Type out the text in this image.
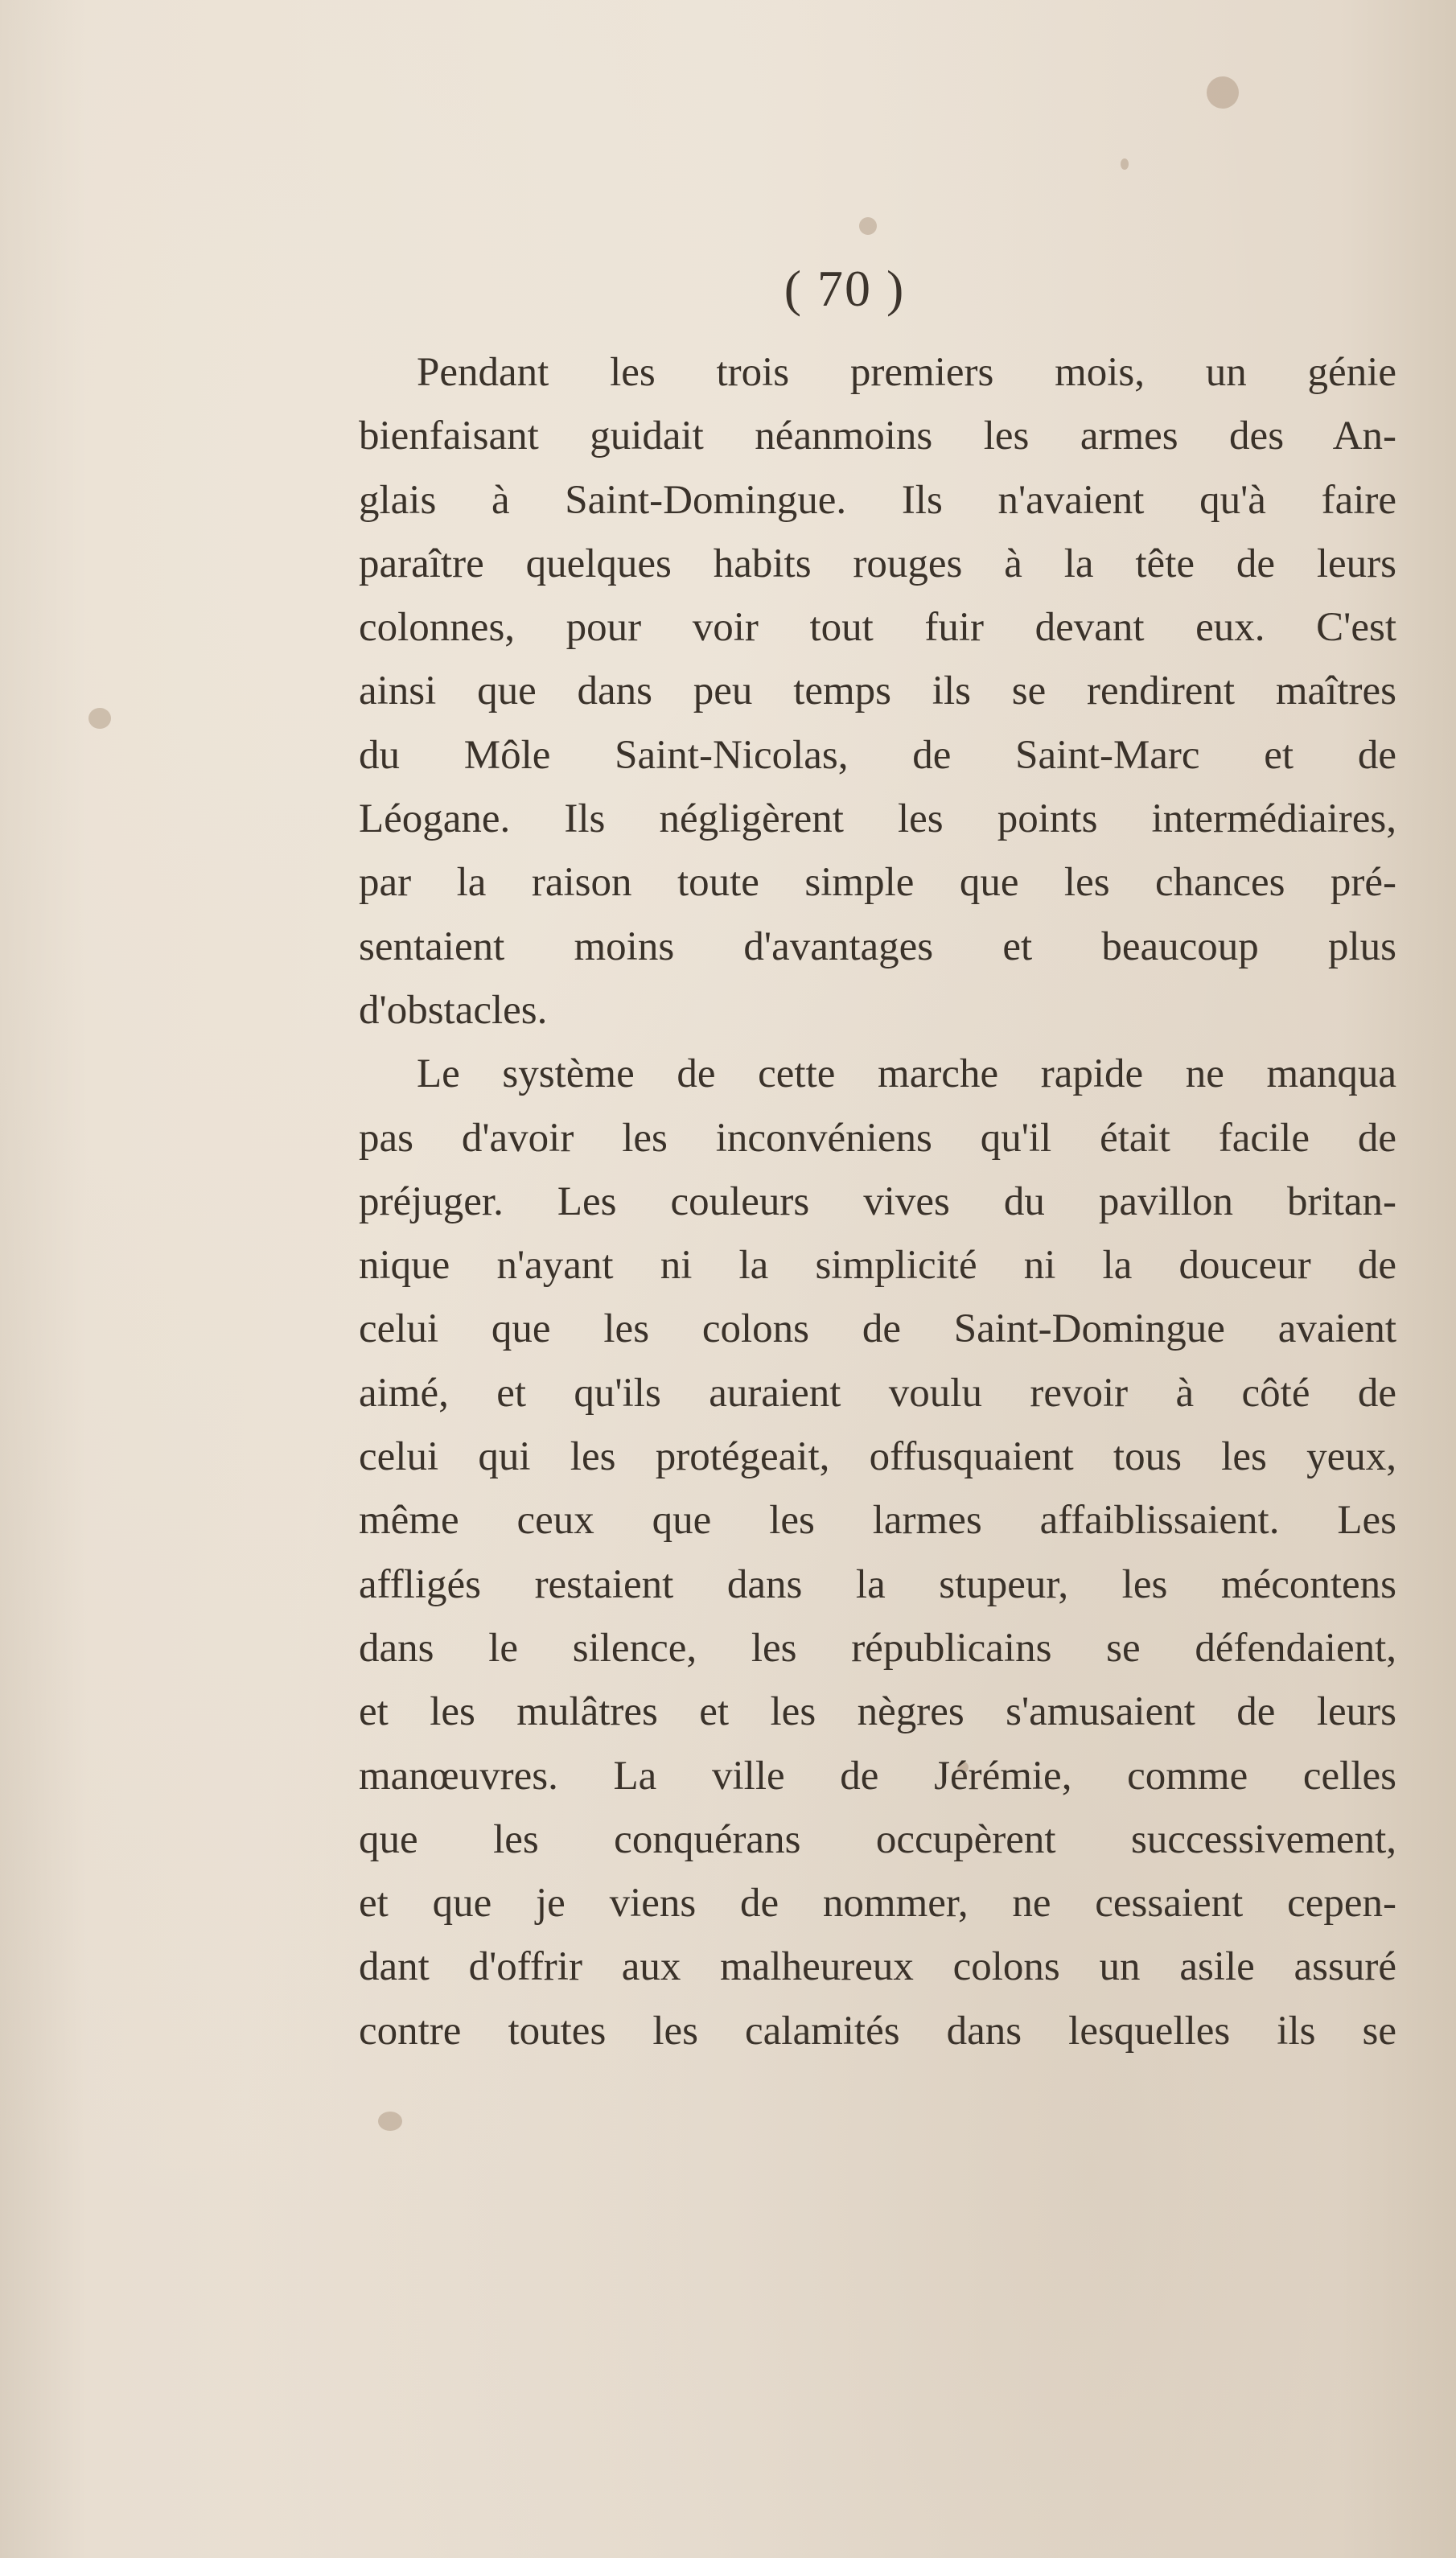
( 70 )
Pendant les trois premiers mois, un génie
bienfaisant guidait néanmoins les armes des An-
glais à Saint-Domingue. Ils n'avaient qu'à faire
paraître quelques habits rouges à la tête de leurs
colonnes, pour voir tout fuir devant eux. C'est
ainsi que dans peu temps ils se rendirent maîtres
du Môle Saint-Nicolas, de Saint-Marc et de
Léogane. Ils négligèrent les points intermédiaires,
par la raison toute simple que les chances pré-
sentaient moins d'avantages et beaucoup plus
d'obstacles.
Le système de cette marche rapide ne manqua
pas d'avoir les inconvéniens qu'il était facile de
préjuger. Les couleurs vives du pavillon britan-
nique n'ayant ni la simplicité ni la douceur de
celui que les colons de Saint-Domingue avaient
aimé, et qu'ils auraient voulu revoir à côté de
celui qui les protégeait, offusquaient tous les yeux,
même ceux que les larmes affaiblissaient. Les
affligés restaient dans la stupeur, les mécontens
dans le silence, les républicains se défendaient,
et les mulâtres et les nègres s'amusaient de leurs
manœuvres. La ville de Jérémie, comme celles
que les conquérans occupèrent successivement,
et que je viens de nommer, ne cessaient cepen-
dant d'offrir aux malheureux colons un asile assuré
contre toutes les calamités dans lesquelles ils se
